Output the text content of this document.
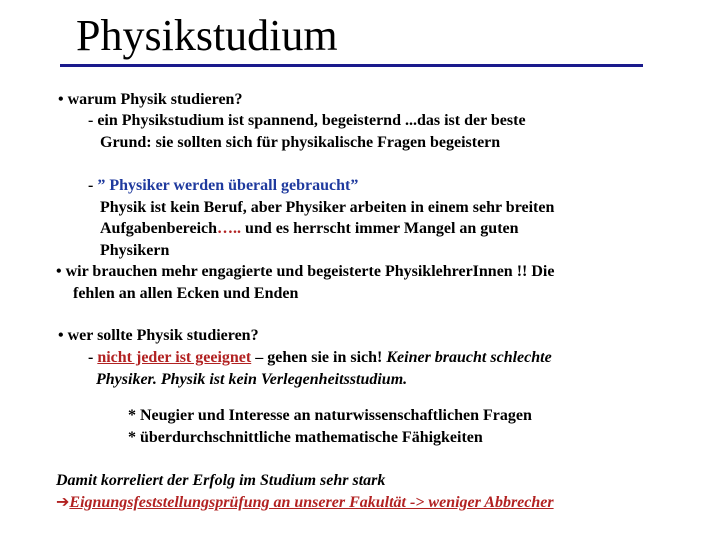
Physikstudium
• warum Physik studieren?
- ein Physikstudium ist spannend, begeisternd ...das ist der beste
Grund: sie sollten sich für physikalische Fragen begeistern
- ” Physiker werden überall gebraucht”
Physik ist kein Beruf, aber Physiker arbeiten in einem sehr breiten
Aufgabenbereich….. und es herrscht immer Mangel an guten
Physikern
• wir brauchen mehr engagierte und begeisterte PhysiklehrerInnen !! Die
fehlen an allen Ecken und Enden
• wer sollte Physik studieren?
- nicht jeder ist geeignet – gehen sie in sich! Keiner braucht schlechte
Physiker. Physik ist kein Verlegenheitsstudium.
* Neugier und Interesse an naturwissenschaftlichen Fragen
* überdurchschnittliche mathematische Fähigkeiten
Damit korreliert der Erfolg im Studium sehr stark
➔Eignungsfeststellungsprüfung an unserer Fakultät -> weniger Abbrecher
